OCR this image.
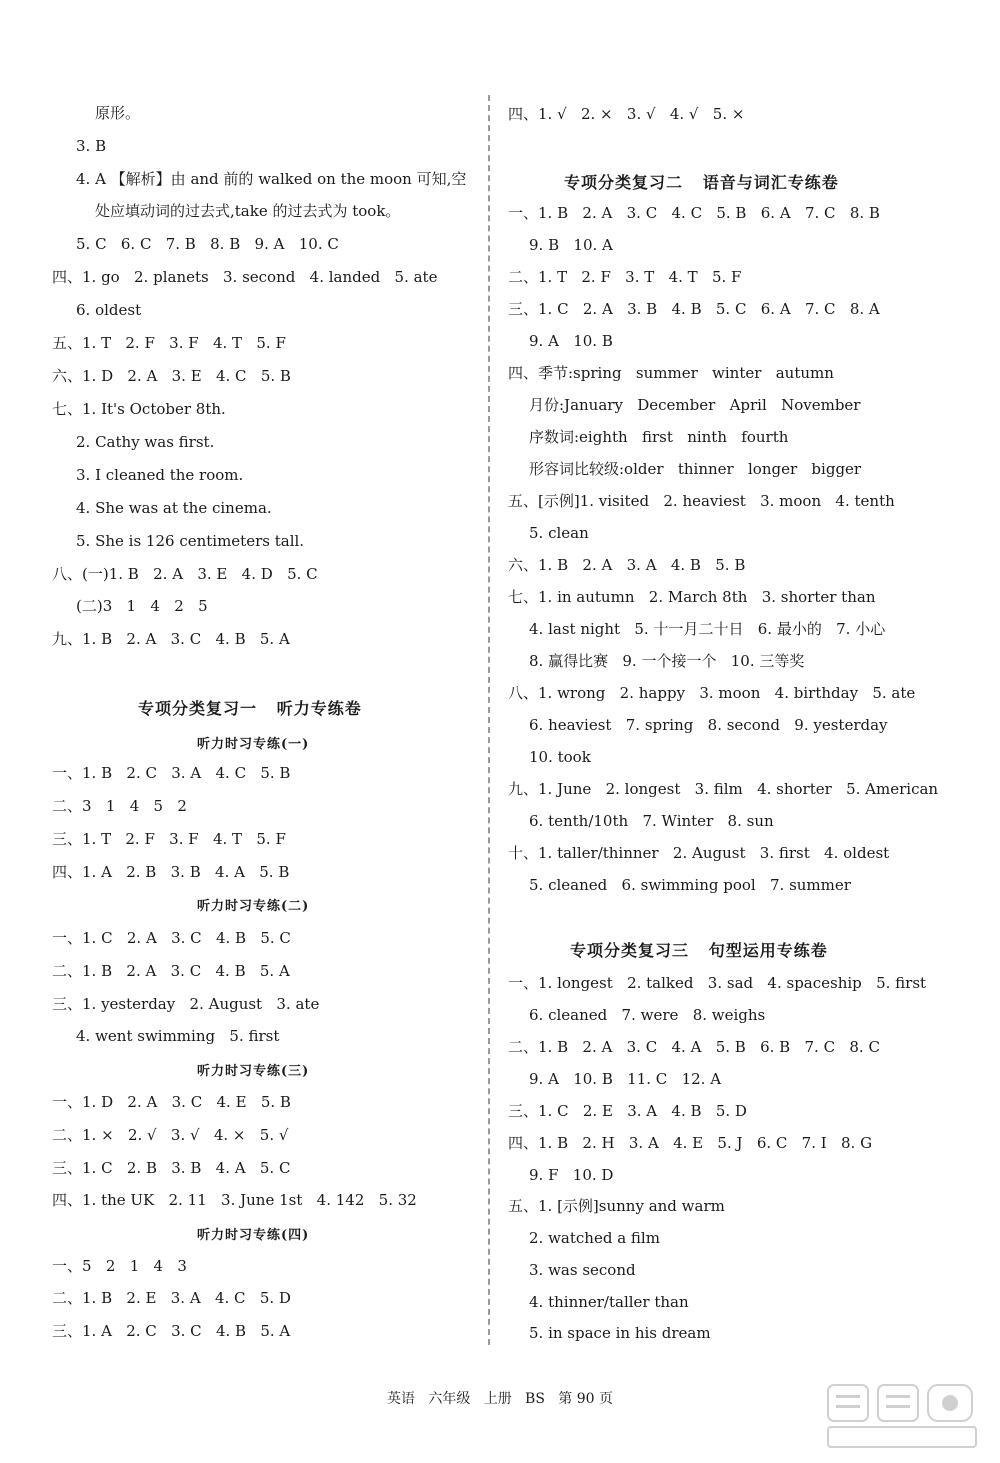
原形。
3. B
4. A 【解析】由 and 前的 walked on the moon 可知,空
处应填动词的过去式,take 的过去式为 took。
5. C   6. C   7. B   8. B   9. A   10. C
四、1. go   2. planets   3. second   4. landed   5. ate
6. oldest
五、1. T   2. F   3. F   4. T   5. F
六、1. D   2. A   3. E   4. C   5. B
七、1. It's October 8th.
2. Cathy was first.
3. I cleaned the room.
4. She was at the cinema.
5. She is 126 centimeters tall.
八、(一)1. B   2. A   3. E   4. D   5. C
(二)3   1   4   2   5
九、1. B   2. A   3. C   4. B   5. A
专项分类复习一   听力专练卷
听力时习专练(一)
一、1. B   2. C   3. A   4. C   5. B
二、3   1   4   5   2
三、1. T   2. F   3. F   4. T   5. F
四、1. A   2. B   3. B   4. A   5. B
听力时习专练(二)
一、1. C   2. A   3. C   4. B   5. C
二、1. B   2. A   3. C   4. B   5. A
三、1. yesterday   2. August   3. ate
4. went swimming   5. first
听力时习专练(三)
一、1. D   2. A   3. C   4. E   5. B
二、1. ×   2. √   3. √   4. ×   5. √
三、1. C   2. B   3. B   4. A   5. C
四、1. the UK   2. 11   3. June 1st   4. 142   5. 32
听力时习专练(四)
一、5   2   1   4   3
二、1. B   2. E   3. A   4. C   5. D
三、1. A   2. C   3. C   4. B   5. A
四、1. √   2. ×   3. √   4. √   5. ×
专项分类复习二   语音与词汇专练卷
一、1. B   2. A   3. C   4. C   5. B   6. A   7. C   8. B
9. B   10. A
二、1. T   2. F   3. T   4. T   5. F
三、1. C   2. A   3. B   4. B   5. C   6. A   7. C   8. A
9. A   10. B
四、季节:spring   summer   winter   autumn
月份:January   December   April   November
序数词:eighth   first   ninth   fourth
形容词比较级:older   thinner   longer   bigger
五、[示例]1. visited   2. heaviest   3. moon   4. tenth
5. clean
六、1. B   2. A   3. A   4. B   5. B
七、1. in autumn   2. March 8th   3. shorter than
4. last night   5. 十一月二十日   6. 最小的   7. 小心
8. 赢得比赛   9. 一个接一个   10. 三等奖
八、1. wrong   2. happy   3. moon   4. birthday   5. ate
6. heaviest   7. spring   8. second   9. yesterday
10. took
九、1. June   2. longest   3. film   4. shorter   5. American
6. tenth/10th   7. Winter   8. sun
十、1. taller/thinner   2. August   3. first   4. oldest
5. cleaned   6. swimming pool   7. summer
专项分类复习三   句型运用专练卷
一、1. longest   2. talked   3. sad   4. spaceship   5. first
6. cleaned   7. were   8. weighs
二、1. B   2. A   3. C   4. A   5. B   6. B   7. C   8. C
9. A   10. B   11. C   12. A
三、1. C   2. E   3. A   4. B   5. D
四、1. B   2. H   3. A   4. E   5. J   6. C   7. I   8. G
9. F   10. D
五、1. [示例]sunny and warm
2. watched a film
3. was second
4. thinner/taller than
5. in space in his dream
英语   六年级   上册   BS   第 90 页
